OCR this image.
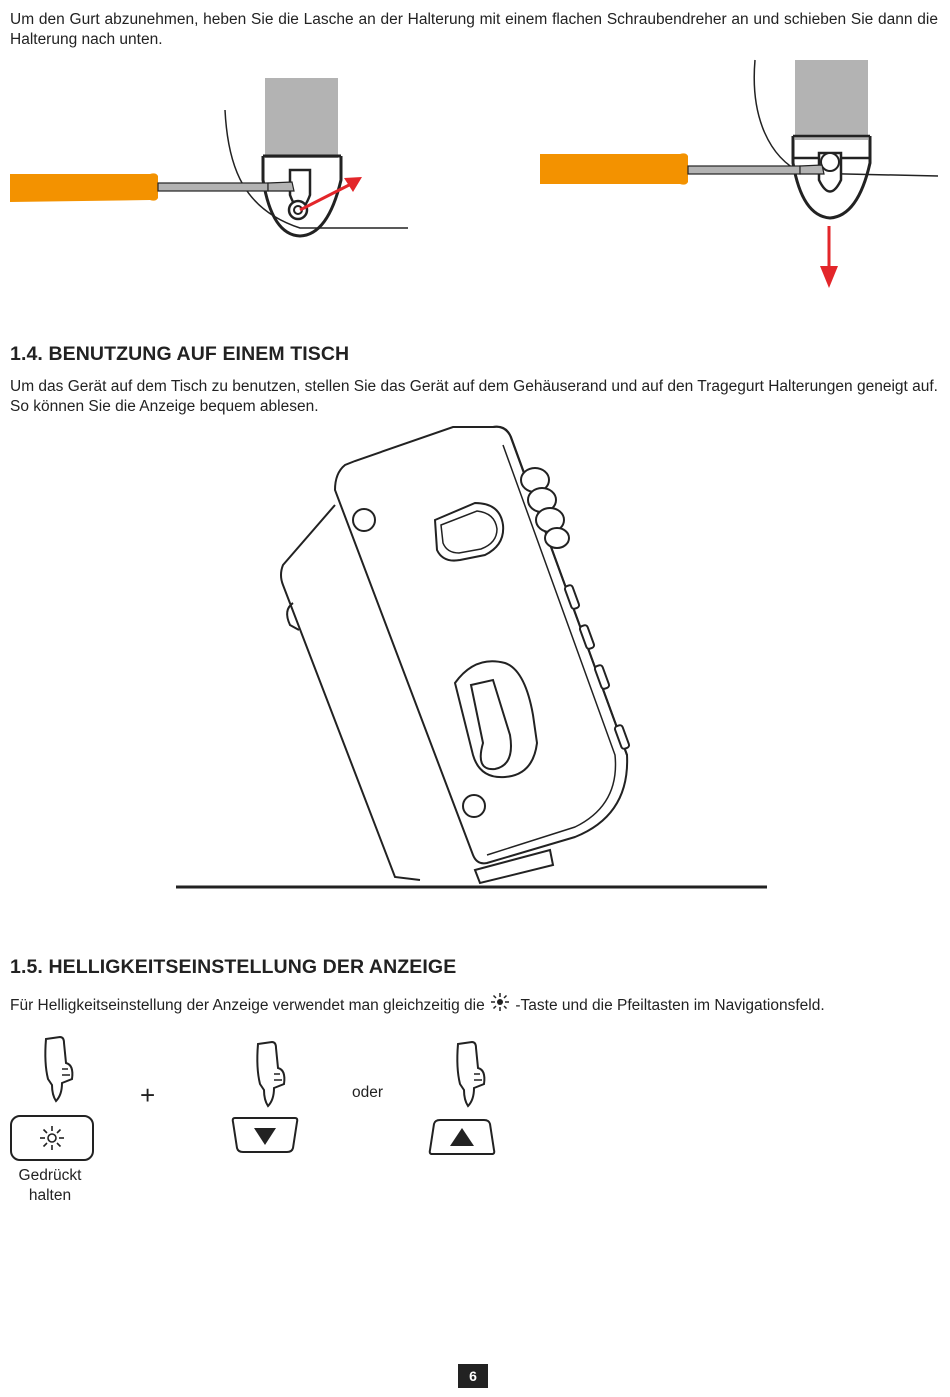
Um den Gurt abzunehmen, heben Sie die Lasche an der Halterung mit einem flachen Schraubendreher an und schieben Sie dann die Halterung nach unten.
1.4. BENUTZUNG AUF EINEM TISCH
Um das Gerät auf dem Tisch zu benutzen, stellen Sie das Gerät auf dem Gehäuserand und auf den Tragegurt Halterungen geneigt auf. So können Sie die Anzeige bequem ablesen.
1.5. HELLIGKEITSEINSTELLUNG DER ANZEIGE
Für Helligkeitseinstellung der Anzeige verwendet man gleichzeitig die -Taste und die Pfeiltasten im Navigationsfeld.
Gedrückt
halten
+	oder
6
